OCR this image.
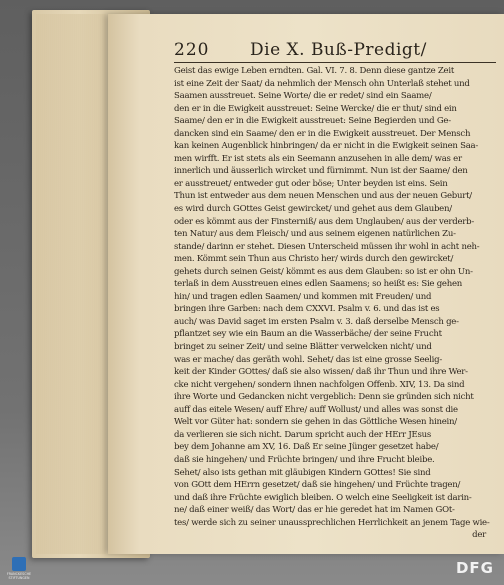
220 Die X. Buß-Predigt/
Geist das ewige Leben erndten. Gal. VI. 7. 8. Denn diese gantze Zeit
ist eine Zeit der Saat/ da nehmlich der Mensch ohn Unterlaß stehet und
Saamen ausstreuet. Seine Worte/ die er redet/ sind ein Saame/
den er in die Ewigkeit ausstreuet: Seine Wercke/ die er thut/ sind ein
Saame/ den er in die Ewigkeit ausstreuet: Seine Begierden und Ge-
dancken sind ein Saame/ den er in die Ewigkeit ausstreuet. Der Mensch
kan keinen Augenblick hinbringen/ da er nicht in die Ewigkeit seinen Saa-
men wirfft. Er ist stets als ein Seemann anzusehen in alle dem/ was er
innerlich und äusserlich wircket und fürnimmt. Nun ist der Saame/ den
er ausstreuet/ entweder gut oder böse; Unter beyden ist eins. Sein
Thun ist entweder aus dem neuen Menschen und aus der neuen Geburt/
es wird durch GOttes Geist gewircket/ und gehet aus dem Glauben/
oder es kömmt aus der Finsterniß/ aus dem Unglauben/ aus der verderb-
ten Natur/ aus dem Fleisch/ und aus seinem eigenen natürlichen Zu-
stande/ darinn er stehet. Diesen Unterscheid müssen ihr wohl in acht neh-
men. Kömmt sein Thun aus Christo her/ wirds durch den gewircket/
gehets durch seinen Geist/ kömmt es aus dem Glauben: so ist er ohn Un-
terlaß in dem Ausstreuen eines edlen Saamens; so heißt es: Sie gehen
hin/ und tragen edlen Saamen/ und kommen mit Freuden/ und
bringen ihre Garben: nach dem CXXVI. Psalm v. 6. und das ist es
auch/ was David saget im ersten Psalm v. 3. daß derselbe Mensch ge-
pflantzet sey wie ein Baum an die Wasserbäche/ der seine Frucht
bringet zu seiner Zeit/ und seine Blätter verwelcken nicht/ und
was er mache/ das geräth wohl. Sehet/ das ist eine grosse Seelig-
keit der Kinder GOttes/ daß sie also wissen/ daß ihr Thun und ihre Wer-
cke nicht vergehen/ sondern ihnen nachfolgen Offenb. XIV, 13. Da sind
ihre Worte und Gedancken nicht vergeblich: Denn sie gründen sich nicht
auff das eitele Wesen/ auff Ehre/ auff Wollust/ und alles was sonst die
Welt vor Güter hat: sondern sie gehen in das Göttliche Wesen hinein/
da verlieren sie sich nicht. Darum spricht auch der HErr JEsus
bey dem Johanne am XV, 16. Daß Er seine Jünger gesetzet habe/
daß sie hingehen/ und Früchte bringen/ und ihre Frucht bleibe.
Sehet/ also ists gethan mit gläubigen Kindern GOttes! Sie sind
von GOtt dem HErrn gesetzet/ daß sie hingehen/ und Früchte tragen/
und daß ihre Früchte ewiglich bleiben. O welch eine Seeligkeit ist darin-
ne/ daß einer weiß/ das Wort/ das er hie geredet hat im Namen GOt-
tes/ werde sich zu seiner unaussprechlichen Herrlichkeit an jenem Tage wie-
der
FRANCKESCHE STIFTUNGEN
DFG
